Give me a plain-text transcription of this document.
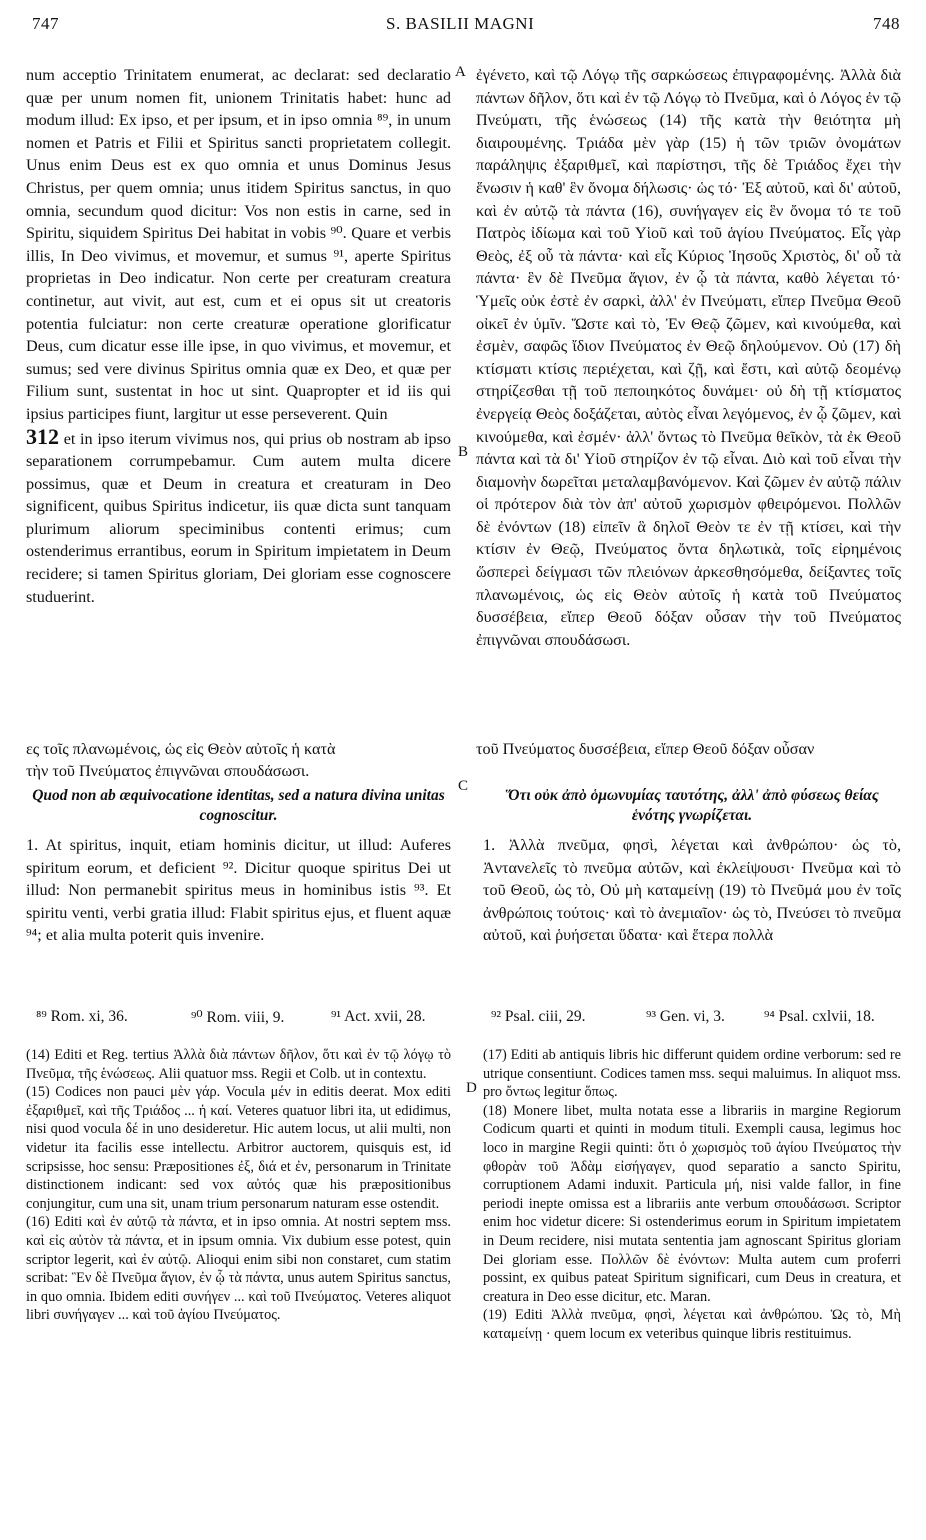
747	S. BASILII MAGNI	748
A
B
C
D

num acceptio Trinitatem enumerat, ac declarat: sed declaratio quæ per unum nomen fit, unionem Trinitatis habet: hunc ad modum illud: Ex ipso, et per ipsum, et in ipso omnia ⁸⁹, in unum nomen et Patris et Filii et Spiritus sancti proprietatem collegit. Unus enim Deus est ex quo omnia et unus Dominus Jesus Christus, per quem omnia; unus itidem Spiritus sanctus, in quo omnia, secundum quod dicitur: Vos non estis in carne, sed in Spiritu, siquidem Spiritus Dei habitat in vobis ⁹⁰. Quare et verbis illis, In Deo vivimus, et movemur, et sumus ⁹¹, aperte Spiritus proprietas in Deo indicatur. Non certe per creaturam creatura continetur, aut vivit, aut est, cum et ei opus sit ut creatoris potentia fulciatur: non certe creaturæ operatione glorificatur Deus, cum dicatur esse ille ipse, in quo vivimus, et movemur, et sumus; sed vere divinus Spiritus omnia quæ ex Deo, et quæ per Filium sunt, sustentat in hoc ut sint. Quapropter et id iis qui ipsius participes fiunt, largitur ut esse perseverent. Quin

312 et in ipso iterum vivimus nos, qui prius ob nostram ab ipso separationem corrumpebamur. Cum autem multa dicere possimus, quæ et Deum in creatura et creaturam in Deo significent, quibus Spiritus indicetur, iis quæ dicta sunt tanquam plurimum aliorum speciminibus contenti erimus; cum ostenderimus errantibus, eorum in Spiritum impietatem in Deum recidere; si tamen Spiritus gloriam, Dei gloriam esse cognoscere studuerint.

ἐγένετο, καὶ τῷ Λόγῳ τῆς σαρκώσεως ἐπιγραφομένης. Ἀλλὰ διὰ πάντων δῆλον, ὅτι καὶ ἐν τῷ Λόγῳ τὸ Πνεῦμα, καὶ ὁ Λόγος ἐν τῷ Πνεύματι, τῆς ἑνώσεως (14) τῆς κατὰ τὴν θειότητα μὴ διαιρουμένης. Τριάδα μὲν γὰρ (15) ἡ τῶν τριῶν ὀνομάτων παράληψις ἐξαριθμεῖ, καὶ παρίστησι, τῆς δὲ Τριάδος ἔχει τὴν ἕνωσιν ἡ καθ' ἓν ὄνομα δήλωσις· ὡς τό· Ἐξ αὐτοῦ, καὶ δι' αὐτοῦ, καὶ ἐν αὐτῷ τὰ πάντα (16), συνήγαγεν εἰς ἓν ὄνομα τό τε τοῦ Πατρὸς ἰδίωμα καὶ τοῦ Υἱοῦ καὶ τοῦ ἁγίου Πνεύματος. Εἷς γὰρ Θεὸς, ἐξ οὗ τὰ πάντα· καὶ εἷς Κύριος Ἰησοῦς Χριστὸς, δι' οὗ τὰ πάντα· ἓν δὲ Πνεῦμα ἅγιον, ἐν ᾧ τὰ πάντα, καθὸ λέγεται τό· Ὑμεῖς οὐκ ἐστὲ ἐν σαρκὶ, ἀλλ' ἐν Πνεύματι, εἴπερ Πνεῦμα Θεοῦ οἰκεῖ ἐν ὑμῖν. Ὥστε καὶ τὸ, Ἐν Θεῷ ζῶμεν, καὶ κινούμεθα, καὶ ἐσμὲν, σαφῶς ἴδιον Πνεύματος ἐν Θεῷ δηλούμενον. Οὐ (17) δὴ κτίσματι κτίσις περιέχεται, καὶ ζῇ, καὶ ἔστι, καὶ αὐτῷ δεομένῳ στηρίζεσθαι τῇ τοῦ πεποιηκότος δυνάμει· οὐ δὴ τῇ κτίσματος ἐνεργείᾳ Θεὸς δοξάζεται, αὐτὸς εἶναι λεγόμενος, ἐν ᾧ ζῶμεν, καὶ κινούμεθα, καὶ ἐσμέν· ἀλλ' ὄντως τὸ Πνεῦμα θεῖκὸν, τὰ ἐκ Θεοῦ πάντα καὶ τὰ δι' Υἱοῦ στηρίζον ἐν τῷ εἶναι. Διὸ καὶ τοῦ εἶναι τὴν διαμονὴν δωρεῖται μεταλαμβανόμενον. Καὶ ζῶμεν ἐν αὐτῷ πάλιν οἱ πρότερον διὰ τὸν ἀπ' αὐτοῦ χωρισμὸν φθειρόμενοι. Πολλῶν δὲ ἐνόντων (18) εἰπεῖν ἃ δηλοῖ Θεὸν τε ἐν τῇ κτίσει, καὶ τὴν κτίσιν ἐν Θεῷ, Πνεύματος ὄντα δηλωτικὰ, τοῖς εἰρημένοις ὥσπερεὶ δείγμασι τῶν πλειόνων ἀρκεσθησόμεθα, δείξαντες τοῖς πλανωμένοις, ὡς εἰς Θεὸν αὐτοῖς ἡ κατὰ τοῦ Πνεύματος δυσσέβεια, εἴπερ Θεοῦ δόξαν οὖσαν τὴν τοῦ Πνεύματος ἐπιγνῶναι σπουδάσωσι.

ες τοῖς πλανωμένοις, ὡς εἰς Θεὸν αὐτοῖς ἡ κατὰ	τοῦ Πνεύματος δυσσέβεια, εἴπερ Θεοῦ δόξαν οὖσαν
τὴν τοῦ Πνεύματος ἐπιγνῶναι σπουδάσωσι.

Quod non ab æquivocatione identitas, sed a natura divina unitas cognoscitur.

1. At spiritus, inquit, etiam hominis dicitur, ut illud: Auferes spiritum eorum, et deficient ⁹². Dicitur quoque spiritus Dei ut illud: Non permanebit spiritus meus in hominibus istis ⁹³. Et spiritu venti, verbi gratia illud: Flabit spiritus ejus, et fluent aquæ ⁹⁴; et alia multa poterit quis invenire.

Ὅτι οὐκ ἀπὸ ὁμωνυμίας ταυτότης, ἀλλ' ἀπὸ φύσεως θείας ἑνότης γνωρίζεται.

1. Ἀλλὰ πνεῦμα, φησὶ, λέγεται καὶ ἀνθρώπου· ὡς τὸ, Ἀντανελεῖς τὸ πνεῦμα αὐτῶν, καὶ ἐκλείψουσι· Πνεῦμα καὶ τὸ τοῦ Θεοῦ, ὡς τὸ, Οὐ μὴ καταμείνῃ (19) τὸ Πνεῦμά μου ἐν τοῖς ἀνθρώποις τούτοις· καὶ τὸ ἀνεμιαῖον· ὡς τὸ, Πνεύσει τὸ πνεῦμα αὐτοῦ, καὶ ῥυήσεται ὕδατα· καὶ ἕτερα πολλὰ

⁸⁹ Rom. xi, 36.	⁹⁰ Rom. viii, 9.	⁹¹ Act. xvii, 28.	⁹² Psal. ciii, 29.	⁹³ Gen. vi, 3.	⁹⁴ Psal. cxlvii, 18.

(14) Editi et Reg. tertius Ἀλλὰ διὰ πάντων δῆλον, ὅτι καὶ ἐν τῷ λόγῳ τὸ Πνεῦμα, τῆς ἑνώσεως. Alii quatuor mss. Regii et Colb. ut in contextu.

(15) Codices non pauci μὲν γάρ. Vocula μέν in editis deerat. Mox editi ἐξαριθμεῖ, καὶ τῆς Τριάδος ... ἡ καί. Veteres quatuor libri ita, ut edidimus, nisi quod vocula δέ in uno desideretur. Hic autem locus, ut alii multi, non videtur ita facilis esse intellectu. Arbitror auctorem, quisquis est, id scripsisse, hoc sensu: Præpositiones ἐξ, διά et ἐν, personarum in Trinitate distinctionem indicant: sed vox αὐτός quæ his præpositionibus conjungitur, cum una sit, unam trium personarum naturam esse ostendit.

(16) Editi καὶ ἐν αὐτῷ τὰ πάντα, et in ipso omnia. At nostri septem mss. καὶ εἰς αὐτὸν τὰ πάντα, et in ipsum omnia. Vix dubium esse potest, quin scriptor legerit, καὶ ἐν αὐτῷ. Alioqui enim sibi non constaret, cum statim scribat: Ἓν δὲ Πνεῦμα ἅγιον, ἐν ᾧ τὰ πάντα, unus autem Spiritus sanctus, in quo omnia. Ibidem editi συνήγεν ... καὶ τοῦ Πνεύματος. Veteres aliquot libri συνήγαγεν ... καὶ τοῦ ἁγίου Πνεύματος.

(17) Editi ab antiquis libris hic differunt quidem ordine verborum: sed re utrique consentiunt. Codices tamen mss. sequi maluimus. In aliquot mss. pro ὄντως legitur ὅπως.

(18) Monere libet, multa notata esse a librariis in margine Regiorum Codicum quarti et quinti in modum tituli. Exempli causa, legimus hoc loco in margine Regii quinti: ὅτι ὁ χωρισμὸς τοῦ ἁγίου Πνεύματος τὴν φθορὰν τοῦ Ἀδὰμ εἰσήγαγεν, quod separatio a sancto Spiritu, corruptionem Adami induxit. Particula μή, nisi valde fallor, in fine periodi inepte omissa est a librariis ante verbum σπουδάσωσι. Scriptor enim hoc videtur dicere: Si ostenderimus eorum in Spiritum impietatem in Deum recidere, nisi mutata sententia jam agnoscant Spiritus gloriam Dei gloriam esse. Πολλῶν δὲ ἐνόντων: Multa autem cum proferri possint, ex quibus pateat Spiritum significari, cum Deus in creatura, et creatura in Deo esse dicitur, etc. Maran.

(19) Editi Ἀλλὰ πνεῦμα, φησὶ, λέγεται καὶ ἀνθρώπου. Ὡς τὸ, Μὴ καταμείνῃ · quem locum ex veteribus quinque libris restituimus.
